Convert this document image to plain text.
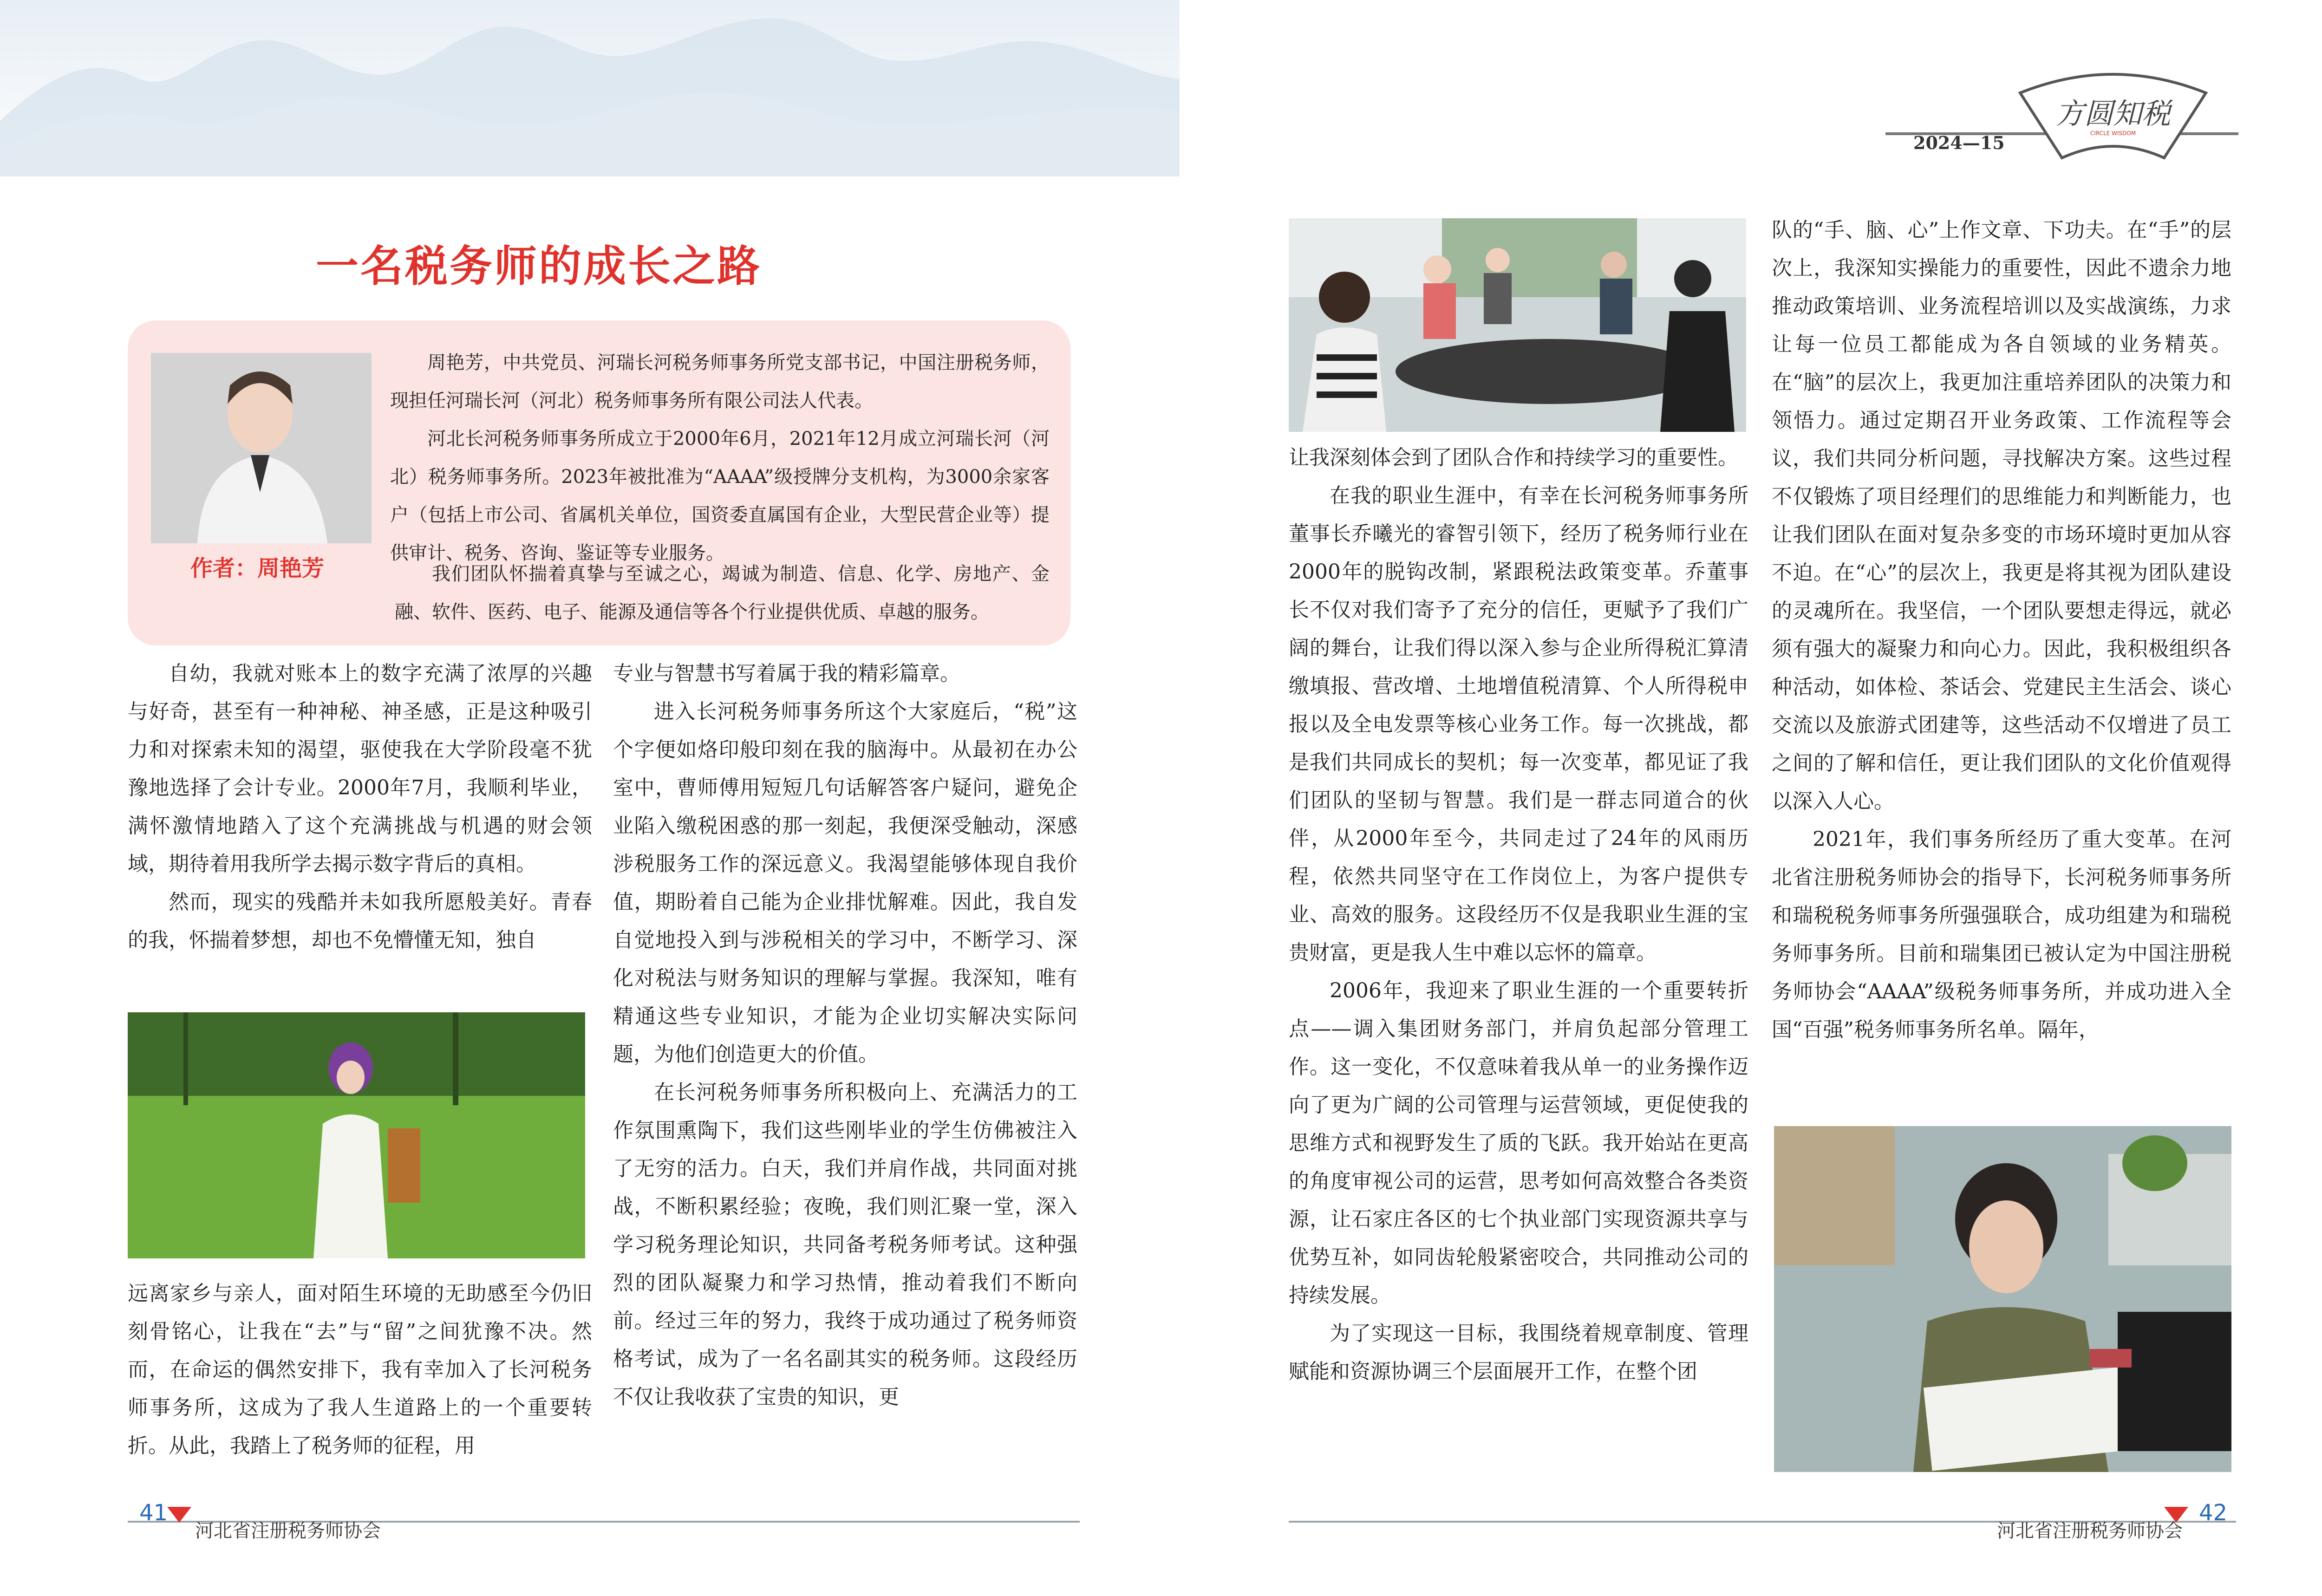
2024—15
方圆知税
CIRCLE WISDOM
一名税务师的成长之路
作者：周艳芳

周艳芳，中共党员、河瑞长河税务师事务所党支部书记，中国注册税务师，现担任河瑞长河（河北）税务师事务所有限公司法人代表。

河北长河税务师事务所成立于2000年6月，2021年12月成立河瑞长河（河北）税务师事务所。2023年被批准为“AAAA”级授牌分支机构，为3000余家客户（包括上市公司、省属机关单位，国资委直属国有企业，大型民营企业等）提供审计、税务、咨询、鉴证等专业服务。

我们团队怀揣着真挚与至诚之心，竭诚为制造、信息、化学、房地产、金融、软件、医药、电子、能源及通信等各个行业提供优质、卓越的服务。

自幼，我就对账本上的数字充满了浓厚的兴趣与好奇，甚至有一种神秘、神圣感，正是这种吸引力和对探索未知的渴望，驱使我在大学阶段毫不犹豫地选择了会计专业。2000年7月，我顺利毕业，满怀激情地踏入了这个充满挑战与机遇的财会领域，期待着用我所学去揭示数字背后的真相。

然而，现实的残酷并未如我所愿般美好。青春的我，怀揣着梦想，却也不免懵懂无知，独自

远离家乡与亲人，面对陌生环境的无助感至今仍旧刻骨铭心，让我在“去”与“留”之间犹豫不决。然而，在命运的偶然安排下，我有幸加入了长河税务师事务所，这成为了我人生道路上的一个重要转折。从此，我踏上了税务师的征程，用

专业与智慧书写着属于我的精彩篇章。

进入长河税务师事务所这个大家庭后，“税”这个字便如烙印般印刻在我的脑海中。从最初在办公室中，曹师傅用短短几句话解答客户疑问，避免企业陷入缴税困惑的那一刻起，我便深受触动，深感涉税服务工作的深远意义。我渴望能够体现自我价值，期盼着自己能为企业排忧解难。因此，我自发自觉地投入到与涉税相关的学习中，不断学习、深化对税法与财务知识的理解与掌握。我深知，唯有精通这些专业知识，才能为企业切实解决实际问题，为他们创造更大的价值。

在长河税务师事务所积极向上、充满活力的工作氛围熏陶下，我们这些刚毕业的学生仿佛被注入了无穷的活力。白天，我们并肩作战，共同面对挑战，不断积累经验；夜晚，我们则汇聚一堂，深入学习税务理论知识，共同备考税务师考试。这种强烈的团队凝聚力和学习热情，推动着我们不断向前。经过三年的努力，我终于成功通过了税务师资格考试，成为了一名名副其实的税务师。这段经历不仅让我收获了宝贵的知识，更

41
河北省注册税务师协会

让我深刻体会到了团队合作和持续学习的重要性。

在我的职业生涯中，有幸在长河税务师事务所董事长乔曦光的睿智引领下，经历了税务师行业在2000年的脱钩改制，紧跟税法政策变革。乔董事长不仅对我们寄予了充分的信任，更赋予了我们广阔的舞台，让我们得以深入参与企业所得税汇算清缴填报、营改增、土地增值税清算、个人所得税申报以及全电发票等核心业务工作。每一次挑战，都是我们共同成长的契机；每一次变革，都见证了我们团队的坚韧与智慧。我们是一群志同道合的伙伴，从2000年至今，共同走过了24年的风雨历程，依然共同坚守在工作岗位上，为客户提供专业、高效的服务。这段经历不仅是我职业生涯的宝贵财富，更是我人生中难以忘怀的篇章。

2006年，我迎来了职业生涯的一个重要转折点——调入集团财务部门，并肩负起部分管理工作。这一变化，不仅意味着我从单一的业务操作迈向了更为广阔的公司管理与运营领域，更促使我的思维方式和视野发生了质的飞跃。我开始站在更高的角度审视公司的运营，思考如何高效整合各类资源，让石家庄各区的七个执业部门实现资源共享与优势互补，如同齿轮般紧密咬合，共同推动公司的持续发展。

为了实现这一目标，我围绕着规章制度、管理赋能和资源协调三个层面展开工作，在整个团

队的“手、脑、心”上作文章、下功夫。在“手”的层次上，我深知实操能力的重要性，因此不遗余力地推动政策培训、业务流程培训以及实战演练，力求让每一位员工都能成为各自领域的业务精英。在“脑”的层次上，我更加注重培养团队的决策力和领悟力。通过定期召开业务政策、工作流程等会议，我们共同分析问题，寻找解决方案。这些过程不仅锻炼了项目经理们的思维能力和判断能力，也让我们团队在面对复杂多变的市场环境时更加从容不迫。在“心”的层次上，我更是将其视为团队建设的灵魂所在。我坚信，一个团队要想走得远，就必须有强大的凝聚力和向心力。因此，我积极组织各种活动，如体检、茶话会、党建民主生活会、谈心交流以及旅游式团建等，这些活动不仅增进了员工之间的了解和信任，更让我们团队的文化价值观得以深入人心。

2021年，我们事务所经历了重大变革。在河北省注册税务师协会的指导下，长河税务师事务所和瑞税税务师事务所强强联合，成功组建为和瑞税务师事务所。目前和瑞集团已被认定为中国注册税务师协会“AAAA”级税务师事务所，并成功进入全国“百强”税务师事务所名单。隔年，

河北省注册税务师协会
42
